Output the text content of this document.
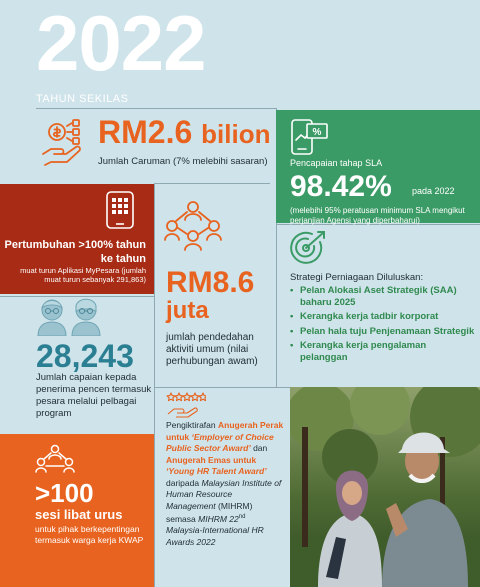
2022
TAHUN SEKILAS
RM2.6 bilion
Jumlah Caruman (7% melebihi sasaran)
%
Pencapaian tahap SLA
98.42% pada 2022
(melebihi 95% peratusan minimum SLA mengikut perjanjian Agensi yang diperbaharui)
Pertumbuhan >100% tahun ke tahun
muat turun Aplikasi MyPesara (jumlah muat turun sebanyak 291,863) RM8.6
juta
jumlah pendedahan aktiviti umum (nilai perhubungan awam)
Strategi Perniagaan Diluluskan:
• Pelan Alokasi Aset Strategik (SAA) baharu 2025
• Kerangka kerja tadbir korporat
• Pelan hala tuju Penjenamaan Strategik
• Kerangka kerja pengalaman pelanggan
28,243
Jumlah capaian kepada penerima pencen termasuk pesara melalui pelbagai program
>100
sesi libat urus
untuk pihak berkepentingan termasuk warga kerja KWAP
Pengiktirafan Anugerah Perak untuk ‘Employer of Choice Public Sector Award’ dan Anugerah Emas untuk ‘Young HR Talent Award’ daripada Malaysian Institute of Human Resource Management (MIHRM) semasa MIHRM 22nd Malaysia-International HR Awards 2022
